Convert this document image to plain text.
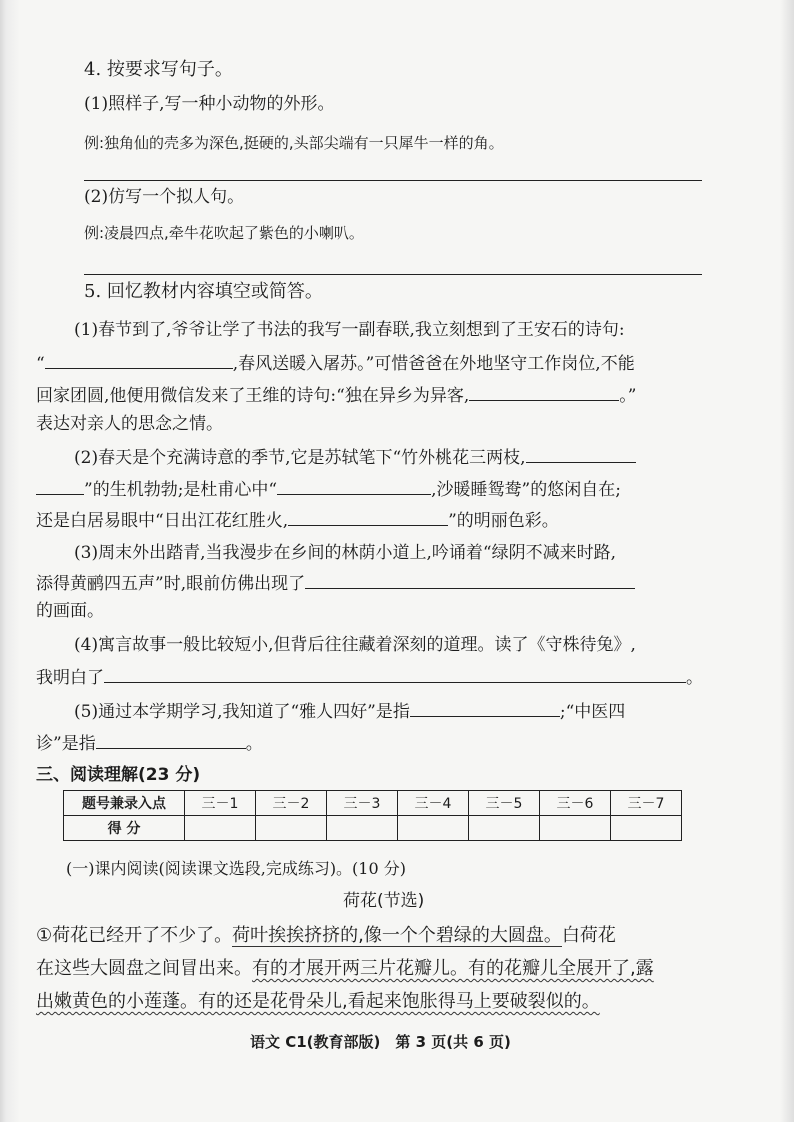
4. 按要求写句子。
(1)照样子,写一种小动物的外形。
例:独角仙的壳多为深色,挺硬的,头部尖端有一只犀牛一样的角。
(2)仿写一个拟人句。
例:凌晨四点,牵牛花吹起了紫色的小喇叭。
5. 回忆教材内容填空或简答。
(1)春节到了,爷爷让学了书法的我写一副春联,我立刻想到了王安石的诗句:
“	,春风送暖入屠苏。”可惜爸爸在外地坚守工作岗位,不能
回家团圆,他便用微信发来了王维的诗句:“独在异乡为异客,	。”
表达对亲人的思念之情。
(2)春天是个充满诗意的季节,它是苏轼笔下“竹外桃花三两枝,
”的生机勃勃;是杜甫心中“	,沙暖睡鸳鸯”的悠闲自在;
还是白居易眼中“日出江花红胜火,	”的明丽色彩。
(3)周末外出踏青,当我漫步在乡间的林荫小道上,吟诵着“绿阴不减来时路,
添得黄鹂四五声”时,眼前仿佛出现了
的画面。
(4)寓言故事一般比较短小,但背后往往藏着深刻的道理。读了《守株待兔》,
我明白了	。
(5)通过本学期学习,我知道了“雅人四好”是指	;“中医四
诊”是指	。
三、阅读理解(23 分)
题号兼录入点	三－1	三－2	三－3	三－4	三－5	三－6	三－7
得 分							
(一)课内阅读(阅读课文选段,完成练习)。(10 分)
荷花(节选)
①荷花已经开了不少了。荷叶挨挨挤挤的,像一个个碧绿的大圆盘。白荷花
在这些大圆盘之间冒出来。有的才展开两三片花瓣儿。有的花瓣儿全展开了,露
出嫩黄色的小莲蓬。有的还是花骨朵儿,看起来饱胀得马上要破裂似的。
语文 C1(教育部版)　第 3 页(共 6 页)
